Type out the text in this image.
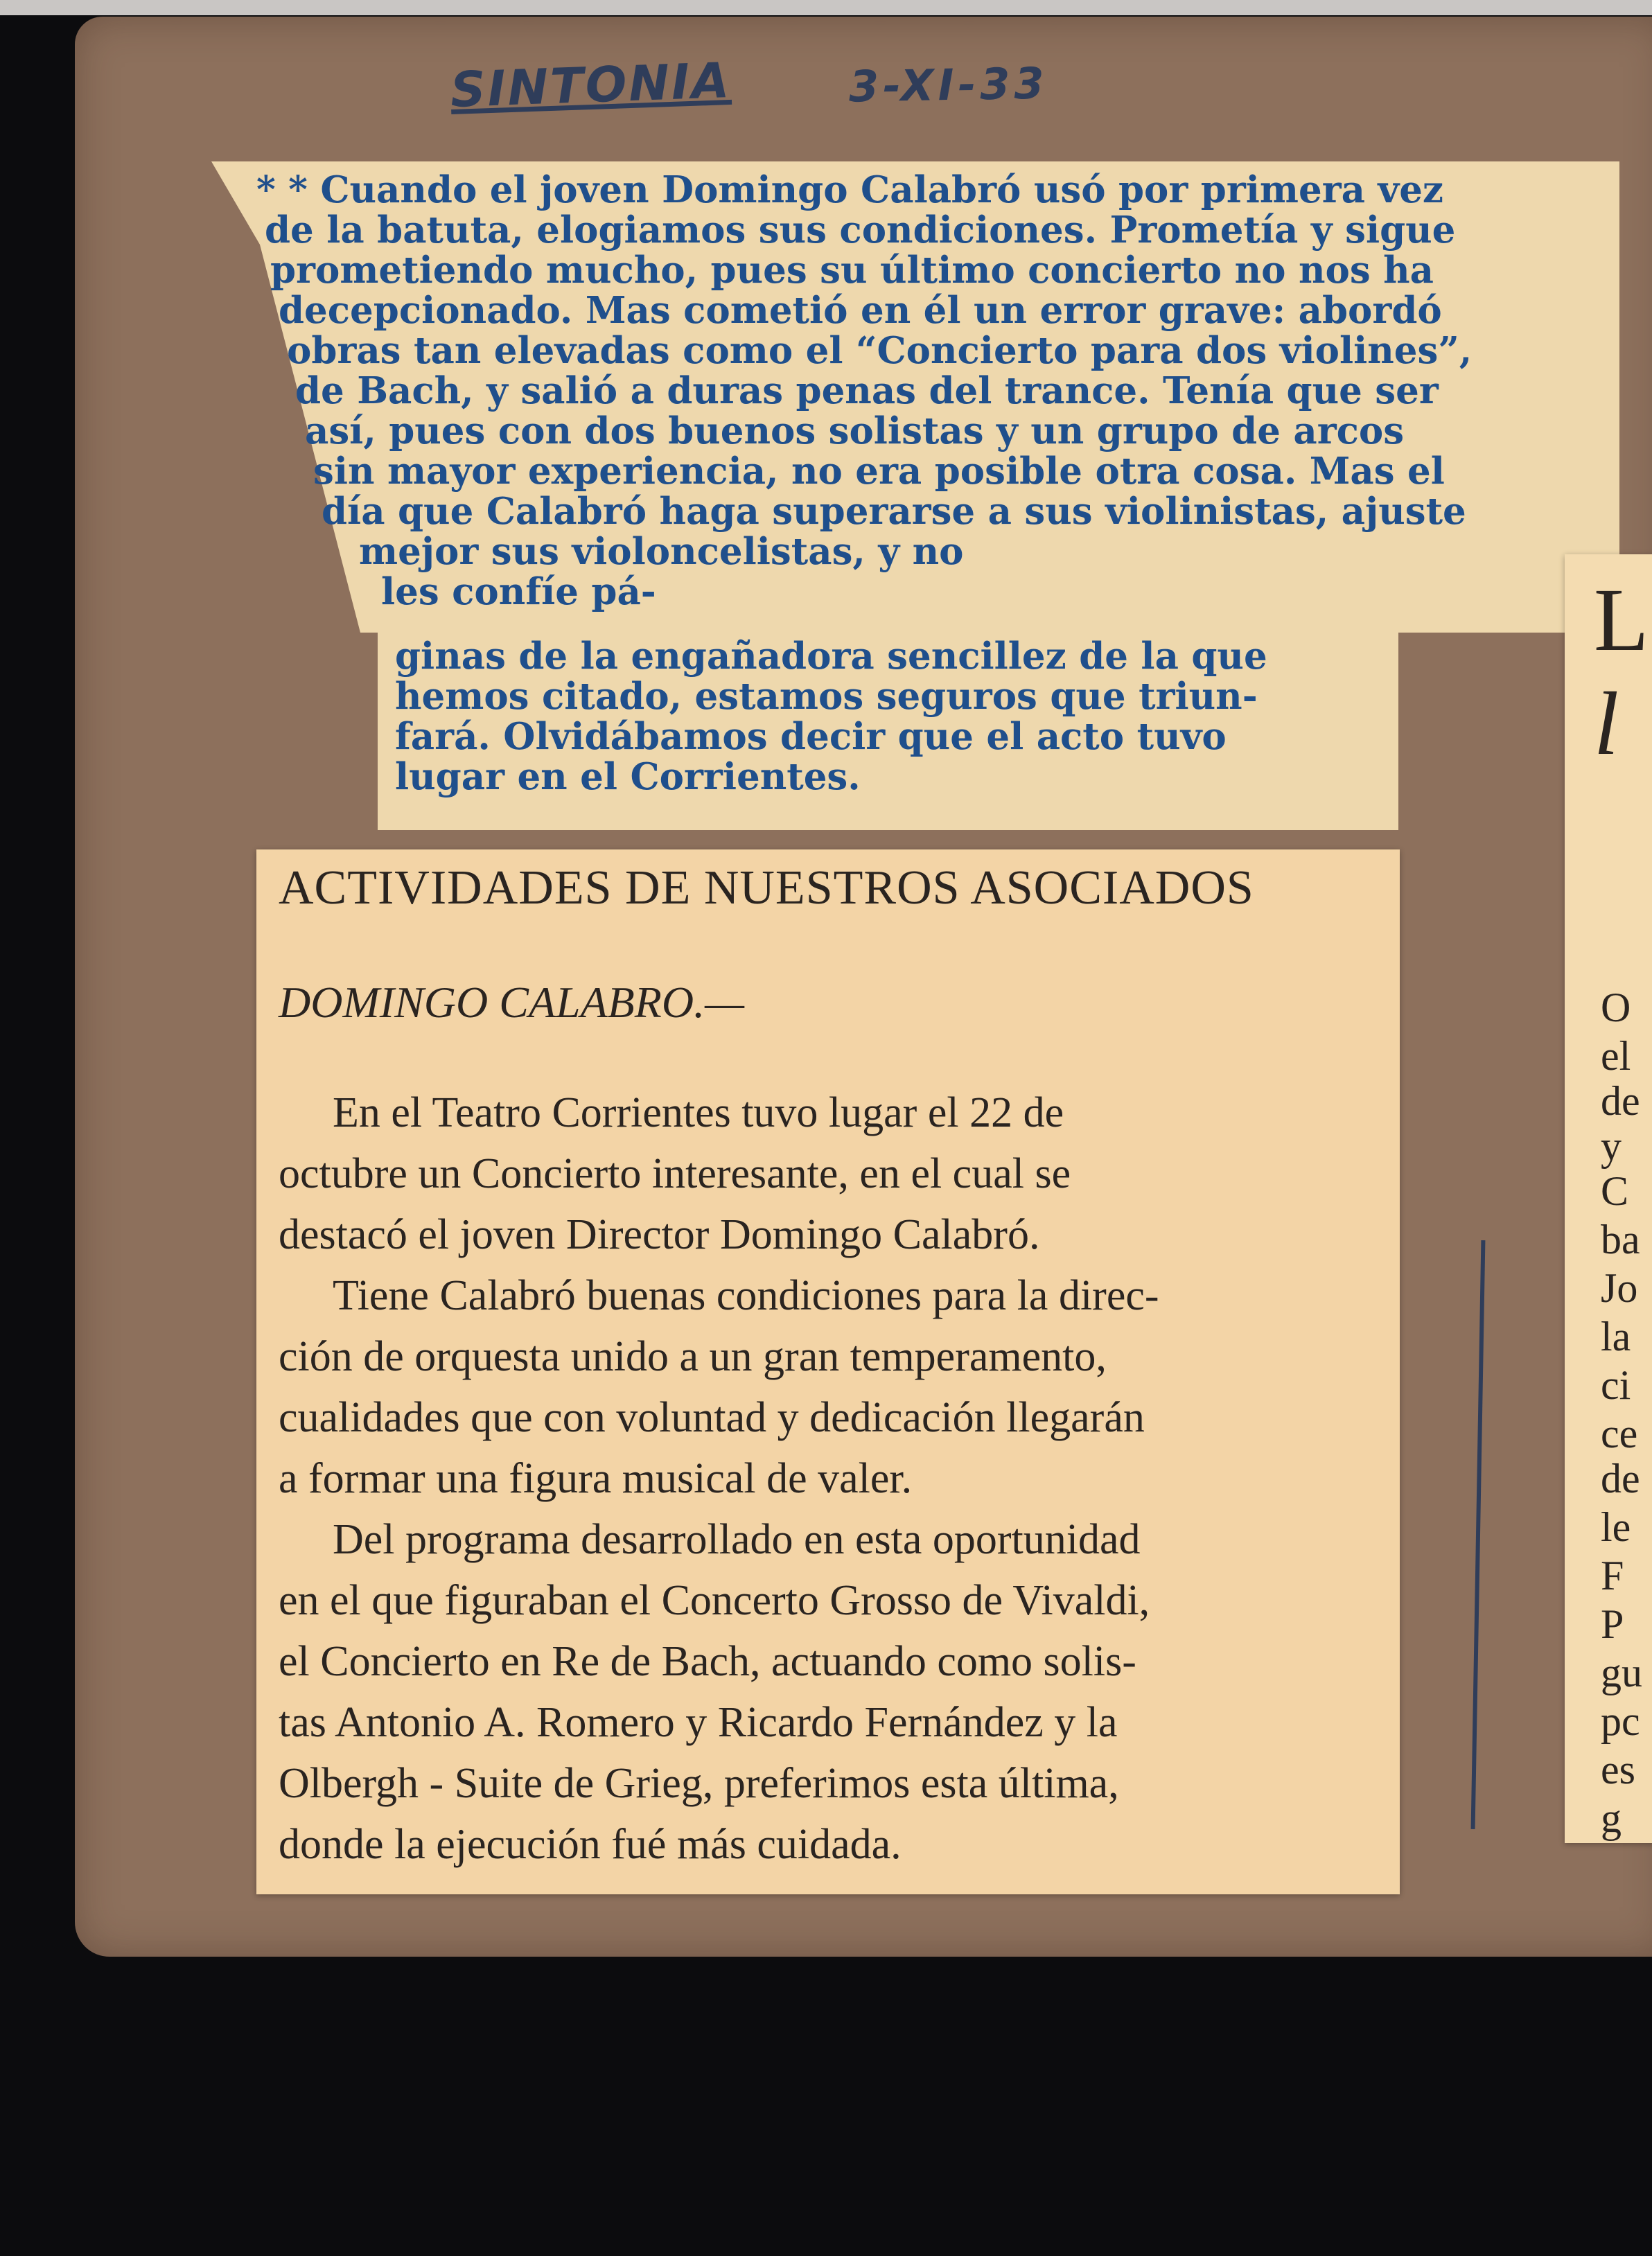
SINTONIA	3-XI-33
* * Cuando el joven Domingo Calabró usó por primera vez
de la batuta, elogiamos sus condiciones. Prometía y sigue
prometiendo mucho, pues su último concierto no nos ha
decepcionado. Mas cometió en él un error grave: abordó
obras tan elevadas como el “Concierto para dos violines”,
de Bach, y salió a duras penas del trance. Tenía que ser
así, pues con dos buenos solistas y un grupo de arcos
sin mayor experiencia, no era posible otra cosa. Mas el
día que Calabró haga superarse a sus violinistas, ajuste
mejor sus violoncelistas, y no
les confíe pá-
ginas de la engañadora sencillez de la que
hemos citado, estamos seguros que triun-
fará. Olvidábamos decir que el acto tuvo
lugar en el Corrientes.
ACTIVIDADES DE NUESTROS ASOCIADOS
DOMINGO CALABRO.—
En el Teatro Corrientes tuvo lugar el 22 de
octubre un Concierto interesante, en el cual se
destacó el joven Director Domingo Calabró.
Tiene Calabró buenas condiciones para la direc-
ción de orquesta unido a un gran temperamento,
cualidades que con voluntad y dedicación llegarán
a formar una figura musical de valer.
Del programa desarrollado en esta oportunidad
en el que figuraban el Concerto Grosso de Vivaldi,
el Concierto en Re de Bach, actuando como solis-
tas Antonio A. Romero y Ricardo Fernández y la
Olbergh - Suite de Grieg, preferimos esta última,
donde la ejecución fué más cuidada.
L
l
O
el
de
y
C
ba
Jo
la
ci
ce
de
le
F
P
gu
pc
es
g
